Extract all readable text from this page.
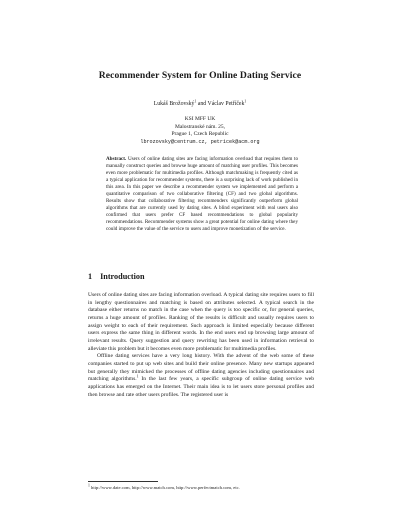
Recommender System for Online Dating Service
Lukáš Brožovský$^1$ and Václav Petříček$^1$
KSI MFF UK
Malostranské nám. 25,
Prague 1, Czech Republic
lbrozovsky@centrum.cz, petricek@acm.org
Abstract. Users of online dating sites are facing information overload that requires them to manually construct queries and browse huge amount of matching user profiles. This becomes even more problematic for multimedia profiles. Although matchmaking is frequently cited as a typical application for recommender systems, there is a surprising lack of work published in this area. In this paper we describe a recommender system we implemented and perform a quantitative comparison of two collaborative filtering (CF) and two global algorithms. Results show that collaborative filtering recommenders significantly outperform global algorithms that are currently used by dating sites. A blind experiment with real users also confirmed that users prefer CF based recommendations to global popularity recommendations. Recommender systems show a great potential for online dating where they could improve the value of the service to users and improve monetization of the service.
1 Introduction

Users of online dating sites are facing information overload. A typical dating site requires users to fill in lengthy questionnaires and matching is based on attributes selected. A typical search in the database either returns no match in the case when the query is too specific or, for general queries, returns a huge amount of profiles. Ranking of the results is difficult and usually requires users to assign weight to each of their requirement. Such approach is limited especially because different users express the same thing in different words. In the end users end up browsing large amount of irrelevant results. Query suggestion and query rewriting has been used in information retrieval to alleviate this problem but it becomes even more problematic for multimedia profiles.

Offline dating services have a very long history. With the advent of the web some of these companies started to put up web sites and build their online presence. Many new startups appeared but generally they mimicked the processes of offline dating agencies including questionnaires and matching algorithms.$^1$ In the last few years, a specific subgroup of online dating service web applications has emerged on the Internet. Their main idea is to let users store personal profiles and then browse and rate other users profiles. The registered user is

$^1$ http://www.date.com, http://www.match.com, http://www.perfectmatch.com, etc.
